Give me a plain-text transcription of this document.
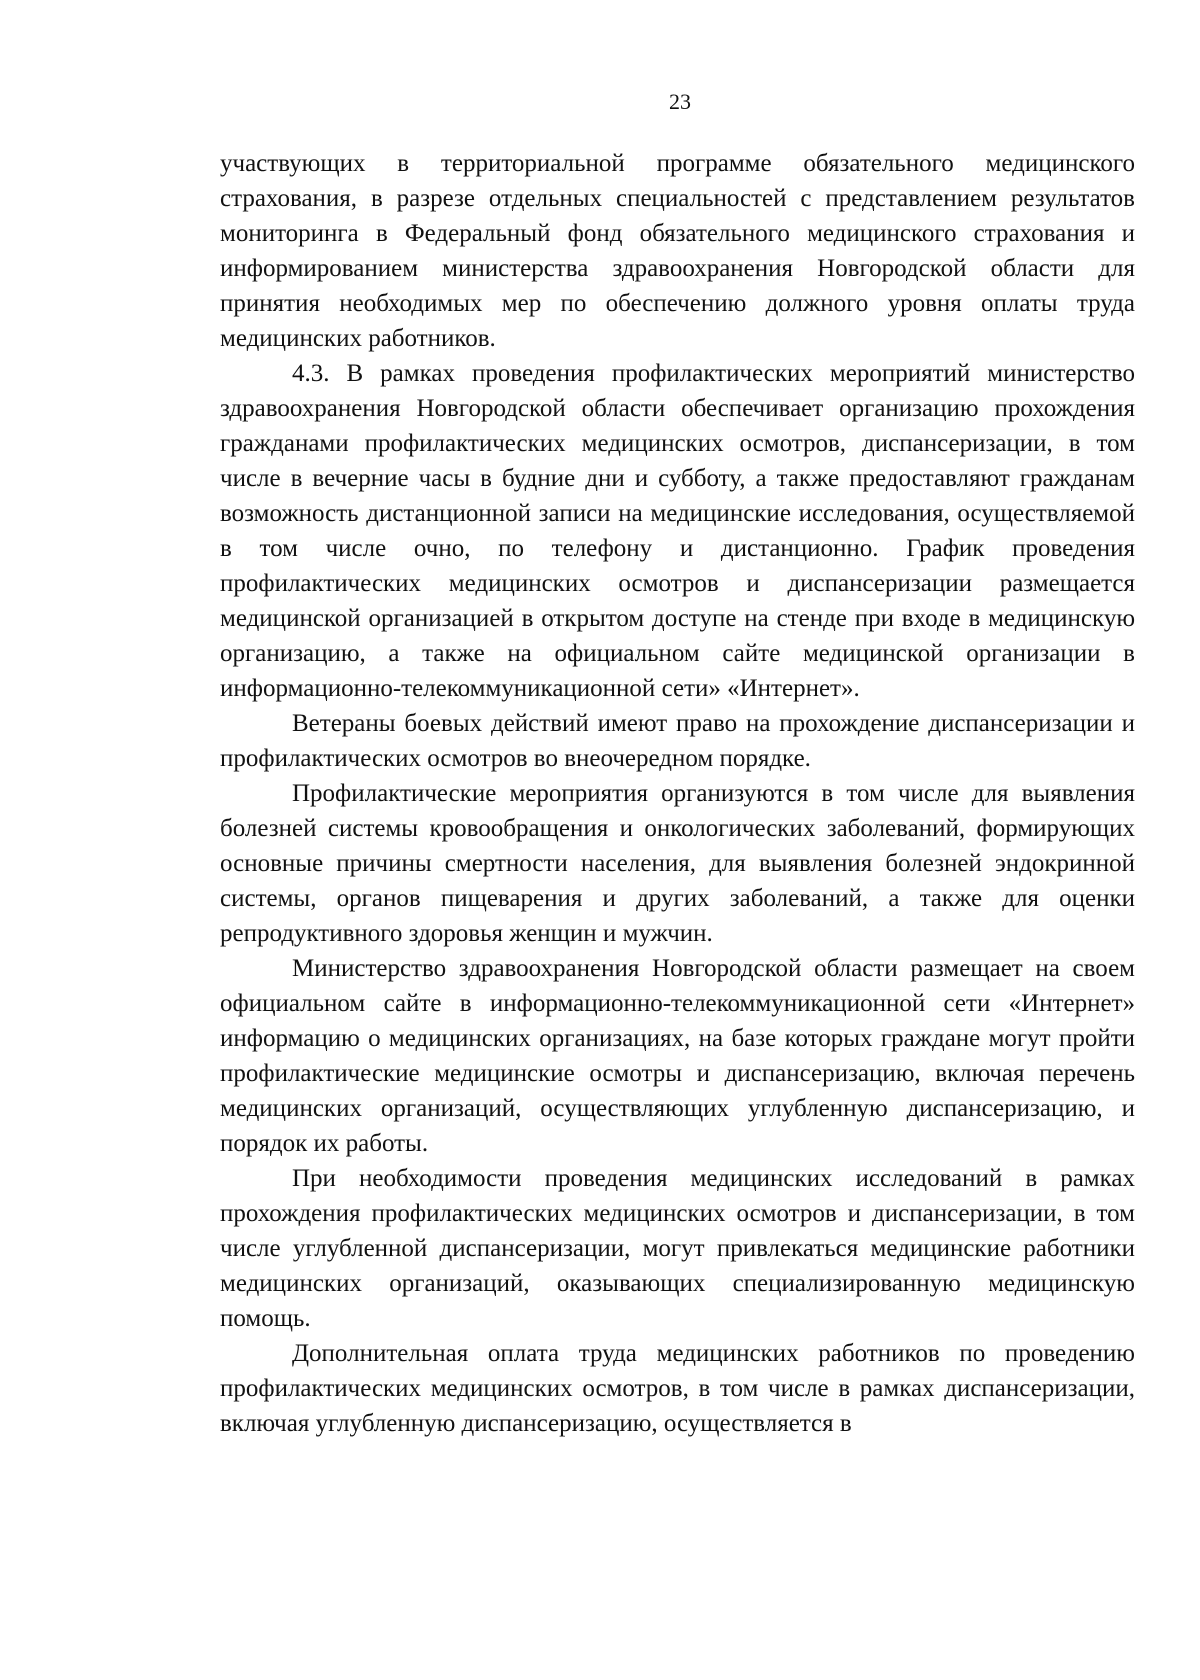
23

участвующих в территориальной программе обязательного медицинского страхования, в разрезе отдельных специальностей с представлением результатов мониторинга в Федеральный фонд обязательного медицинского страхования и информированием министерства здравоохранения Новгородской области для принятия необходимых мер по обеспечению должного уровня оплаты труда медицинских работников.

4.3. В рамках проведения профилактических мероприятий министерство здравоохранения Новгородской области обеспечивает организацию прохождения гражданами профилактических медицинских осмотров, диспансеризации, в том числе в вечерние часы в будние дни и субботу, а также предоставляют гражданам возможность дистанционной записи на медицинские исследования, осуществляемой в том числе очно, по телефону и дистанционно. График проведения профилактических медицинских осмотров и диспансеризации размещается медицинской организацией в открытом доступе на стенде при входе в медицинскую организацию, а также на официальном сайте медицинской организации в информационно-телекоммуникационной сети» «Интернет».

Ветераны боевых действий имеют право на прохождение диспансеризации и профилактических осмотров во внеочередном порядке.

Профилактические мероприятия организуются в том числе для выявления болезней системы кровообращения и онкологических заболеваний, формирующих основные причины смертности населения, для выявления болезней эндокринной системы, органов пищеварения и других заболеваний, а также для оценки репродуктивного здоровья женщин и мужчин.

Министерство здравоохранения Новгородской области размещает на своем официальном сайте в информационно-телекоммуникационной сети «Интернет» информацию о медицинских организациях, на базе которых граждане могут пройти профилактические медицинские осмотры и диспансеризацию, включая перечень медицинских организаций, осуществляющих углубленную диспансеризацию, и порядок их работы.

При необходимости проведения медицинских исследований в рамках прохождения профилактических медицинских осмотров и диспансеризации, в том числе углубленной диспансеризации, могут привлекаться медицинские работники медицинских организаций, оказывающих специализированную медицинскую помощь.

Дополнительная оплата труда медицинских работников по проведению профилактических медицинских осмотров, в том числе в рамках диспансеризации, включая углубленную диспансеризацию, осуществляется в
